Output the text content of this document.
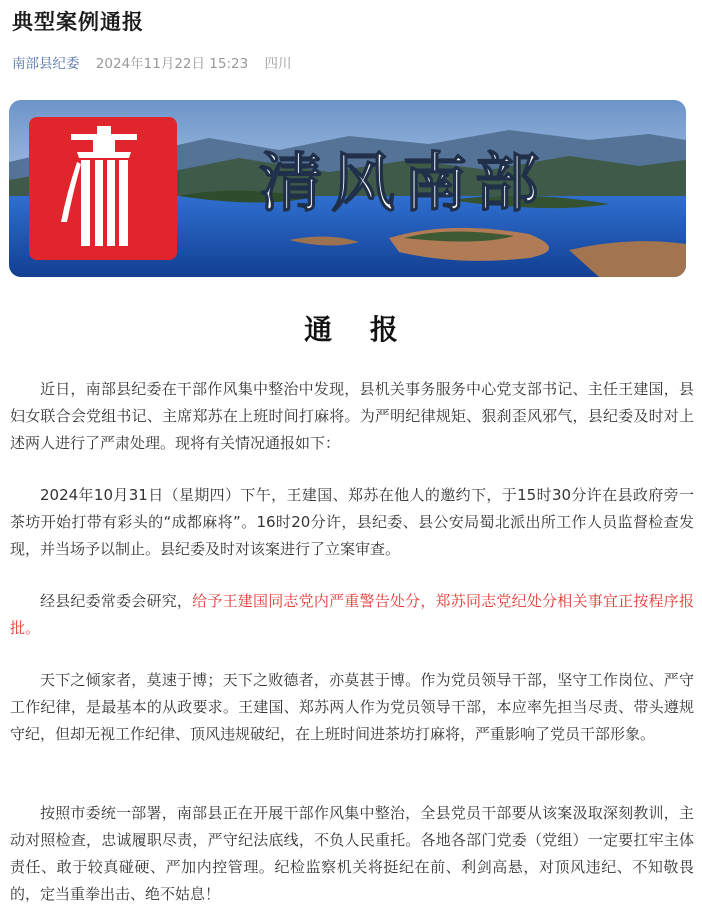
典型案例通报
南部县纪委 2024年11月22日 15:23 四川
清风南部
通 报

近日，南部县纪委在干部作风集中整治中发现，县机关事务服务中心党支部书记、主任王建国，县妇女联合会党组书记、主席郑苏在上班时间打麻将。为严明纪律规矩、狠刹歪风邪气，县纪委及时对上述两人进行了严肃处理。现将有关情况通报如下：

2024年10月31日（星期四）下午，王建国、郑苏在他人的邀约下，于15时30分许在县政府旁一茶坊开始打带有彩头的“成都麻将”。16时20分许，县纪委、县公安局蜀北派出所工作人员监督检查发现，并当场予以制止。县纪委及时对该案进行了立案审查。

经县纪委常委会研究，给予王建国同志党内严重警告处分，郑苏同志党纪处分相关事宜正按程序报批。

天下之倾家者，莫速于博；天下之败德者，亦莫甚于博。作为党员领导干部，坚守工作岗位、严守工作纪律，是最基本的从政要求。王建国、郑苏两人作为党员领导干部，本应率先担当尽责、带头遵规守纪，但却无视工作纪律、顶风违规破纪，在上班时间进茶坊打麻将，严重影响了党员干部形象。

按照市委统一部署，南部县正在开展干部作风集中整治，全县党员干部要从该案汲取深刻教训，主动对照检查，忠诚履职尽责，严守纪法底线，不负人民重托。各地各部门党委（党组）一定要扛牢主体责任、敢于较真碰硬、严加内控管理。纪检监察机关将挺纪在前、利剑高悬，对顶风违纪、不知敬畏的，定当重拳出击、绝不姑息！
